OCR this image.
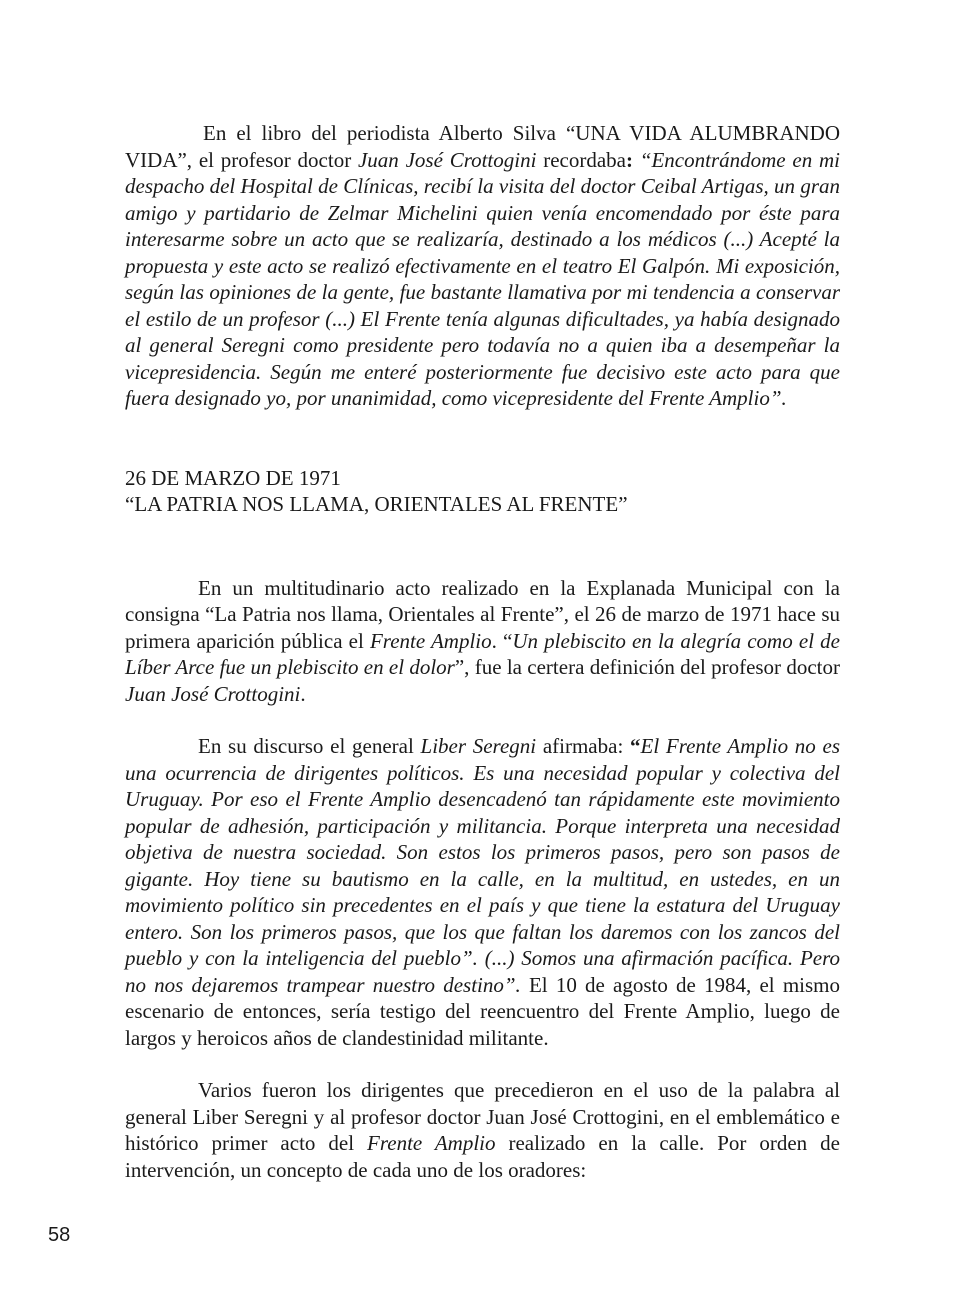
En el libro del periodista Alberto Silva “UNA VIDA ALUMBRANDO VIDA”, el profesor doctor Juan José Crottogini recordaba: “Encontrándome en mi despacho del Hospital de Clínicas, recibí la visita del doctor Ceibal Artigas, un gran amigo y partidario de Zelmar Michelini quien venía encomendado por éste para interesarme sobre un acto que se realizaría, destinado a los médicos (...) Acepté la propuesta y este acto se realizó efectivamente en el teatro El Galpón. Mi exposición, según las opiniones de la gente, fue bastante llamativa por mi tendencia a conservar el estilo de un profesor (...) El Frente tenía algunas dificultades, ya había designado al general Seregni como presidente pero todavía no a quien iba a desempeñar la vicepresidencia. Según me enteré posteriormente fue decisivo este acto para que fuera designado yo, por unanimidad, como vicepresidente del Frente Amplio”.

26 DE MARZO DE 1971

“LA PATRIA NOS LLAMA, ORIENTALES AL FRENTE”

En un multitudinario acto realizado en la Explanada Municipal con la consigna “La Patria nos llama, Orientales al Frente”, el 26 de marzo de 1971 hace su primera aparición pública el Frente Amplio. “Un plebiscito en la alegría como el de Líber Arce fue un plebiscito en el dolor”, fue la certera definición del profesor doctor Juan José Crottogini.

En su discurso el general Liber Seregni afirmaba: “El Frente Amplio no es una ocurrencia de dirigentes políticos. Es una necesidad popular y colectiva del Uruguay. Por eso el Frente Amplio desencadenó tan rápidamente este movimiento popular de adhesión, participación y militancia. Porque interpreta una necesidad objetiva de nuestra sociedad. Son estos los primeros pasos, pero son pasos de gigante. Hoy tiene su bautismo en la calle, en la multitud, en ustedes, en un movimiento político sin precedentes en el país y que tiene la estatura del Uruguay entero. Son los primeros pasos, que los que faltan los daremos con los zancos del pueblo y con la inteligencia del pueblo”. (...) Somos una afirmación pacífica. Pero no nos dejaremos trampear nuestro destino”. El 10 de agosto de 1984, el mismo escenario de entonces, sería testigo del reencuentro del Frente Amplio, luego de largos y heroicos años de clandestinidad militante.

Varios fueron los dirigentes que precedieron en el uso de la palabra al general Liber Seregni y al profesor doctor Juan José Crottogini, en el emblemático e histórico primer acto del Frente Amplio realizado en la calle. Por orden de intervención, un concepto de cada uno de los oradores:

58
